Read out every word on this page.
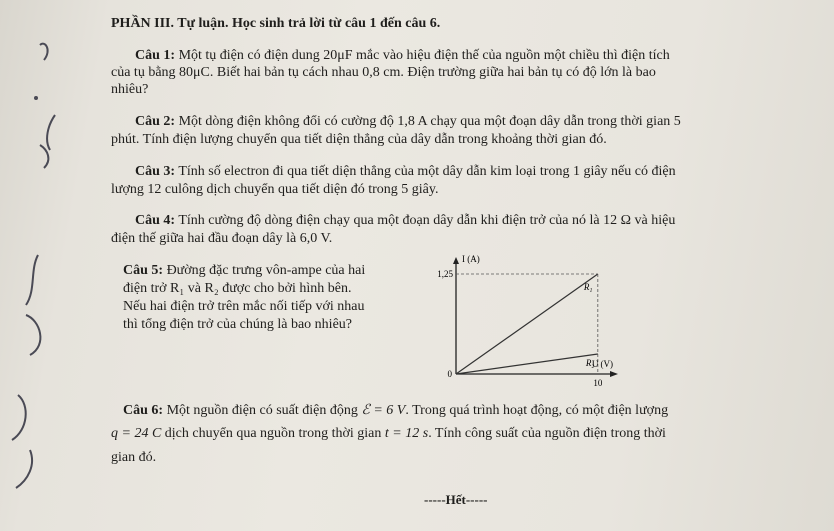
PHẦN III. Tự luận. Học sinh trả lời từ câu 1 đến câu 6.
Câu 1: Một tụ điện có điện dung 20μF mắc vào hiệu điện thế của nguồn một chiều thì điện tích
của tụ bằng 80μC. Biết hai bản tụ cách nhau 0,8 cm. Điện trường giữa hai bản tụ có độ lớn là bao
nhiêu?
Câu 2: Một dòng điện không đổi có cường độ 1,8 A chạy qua một đoạn dây dẫn trong thời gian 5
phút. Tính điện lượng chuyển qua tiết diện thẳng của dây dẫn trong khoảng thời gian đó.
Câu 3: Tính số electron đi qua tiết diện thẳng của một dây dẫn kim loại trong 1 giây nếu có điện
lượng 12 culông dịch chuyển qua tiết diện đó trong 5 giây.
Câu 4: Tính cường độ dòng điện chạy qua một đoạn dây dẫn khi điện trở của nó là 12 Ω và hiệu
điện thế giữa hai đầu đoạn dây là 6,0 V.
Câu 5: Đường đặc trưng vôn-ampe của hai
điện trở R₁ và R₂ được cho bởi hình bên.
Nếu hai điện trở trên mắc nối tiếp với nhau
thì tổng điện trở của chúng là bao nhiêu?
I (A)
U (V)
1,25
10
0
R₁
R₂
Câu 6: Một nguồn điện có suất điện động ℰ = 6 V. Trong quá trình hoạt động, có một điện lượng
q = 24 C dịch chuyển qua nguồn trong thời gian t = 12 s. Tính công suất của nguồn điện trong thời
gian đó.
-----Hết-----
